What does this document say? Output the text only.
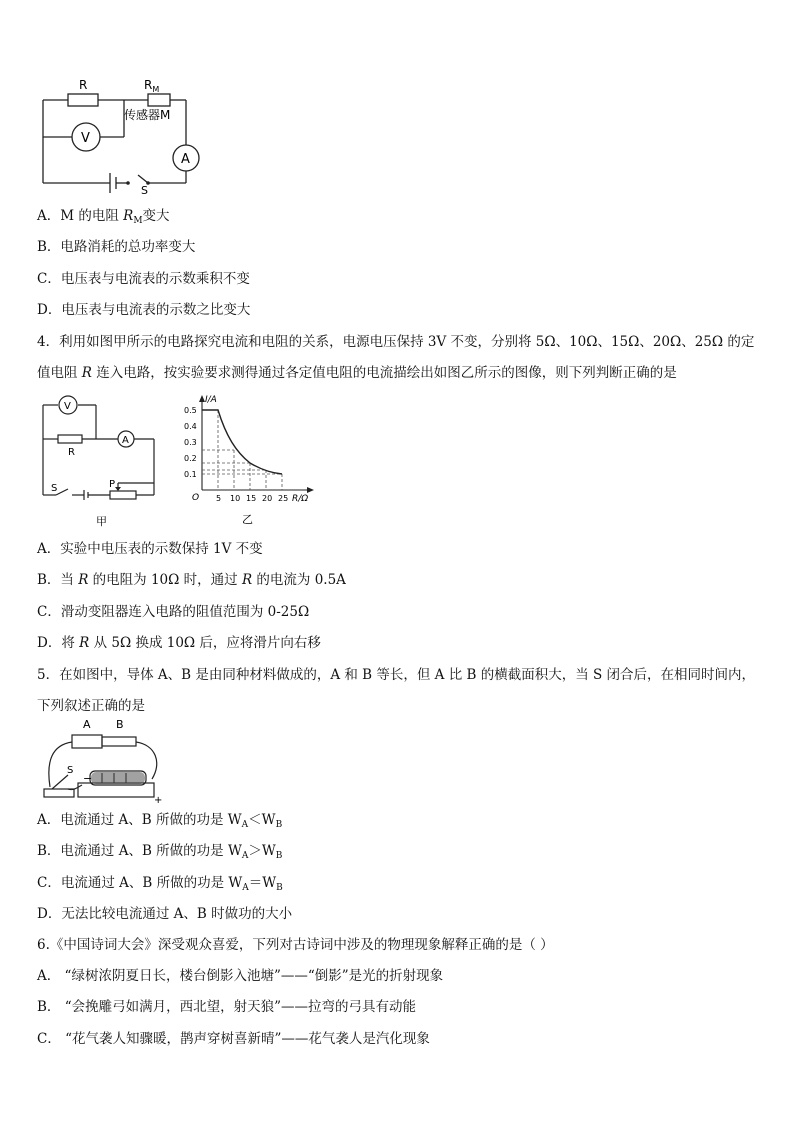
R	$R_M$
传感器M
V
A
S
A．M 的电阻 $R_M$变大
B．电路消耗的总功率变大
C．电压表与电流表的示数乘积不变
D．电压表与电流表的示数之比变大
4．利用如图甲所示的电路探究电流和电阻的关系，电源电压保持 3V 不变，分别将 5Ω、10Ω、15Ω、20Ω、25Ω 的定
值电阻 R 连入电路，按实验要求测得通过各定值电阻的电流描绘出如图乙所示的图像，则下列判断正确的是
V
A
R
S	P
甲
I/A
0.5
0.4
0.3
0.2
0.1
O 5 10 15 20 25 R/Ω
乙
A．实验中电压表的示数保持 1V 不变
B．当 R 的电阻为 10Ω 时，通过 R 的电流为 0.5A
C．滑动变阻器连入电路的阻值范围为 0-25Ω
D．将 R 从 5Ω 换成 10Ω 后，应将滑片向右移
5．在如图中，导体 A、B 是由同种材料做成的，A 和 B 等长，但 A 比 B 的横截面积大，当 S 闭合后，在相同时间内，
下列叙述正确的是
A B
S
−
+
A．电流通过 A、B 所做的功是 $W_A<W_B$
B．电流通过 A、B 所做的功是 $W_A>W_B$
C．电流通过 A、B 所做的功是 $W_A=W_B$
D．无法比较电流通过 A、B 时做功的大小
6.《中国诗词大会》深受观众喜爱，下列对古诗词中涉及的物理现象解释正确的是（ ）
A． “绿树浓阴夏日长，楼台倒影入池塘”——“倒影”是光的折射现象
B． “会挽雕弓如满月，西北望，射天狼”——拉弯的弓具有动能
C． “花气袭人知骤暖，鹊声穿树喜新晴”——花气袭人是汽化现象
